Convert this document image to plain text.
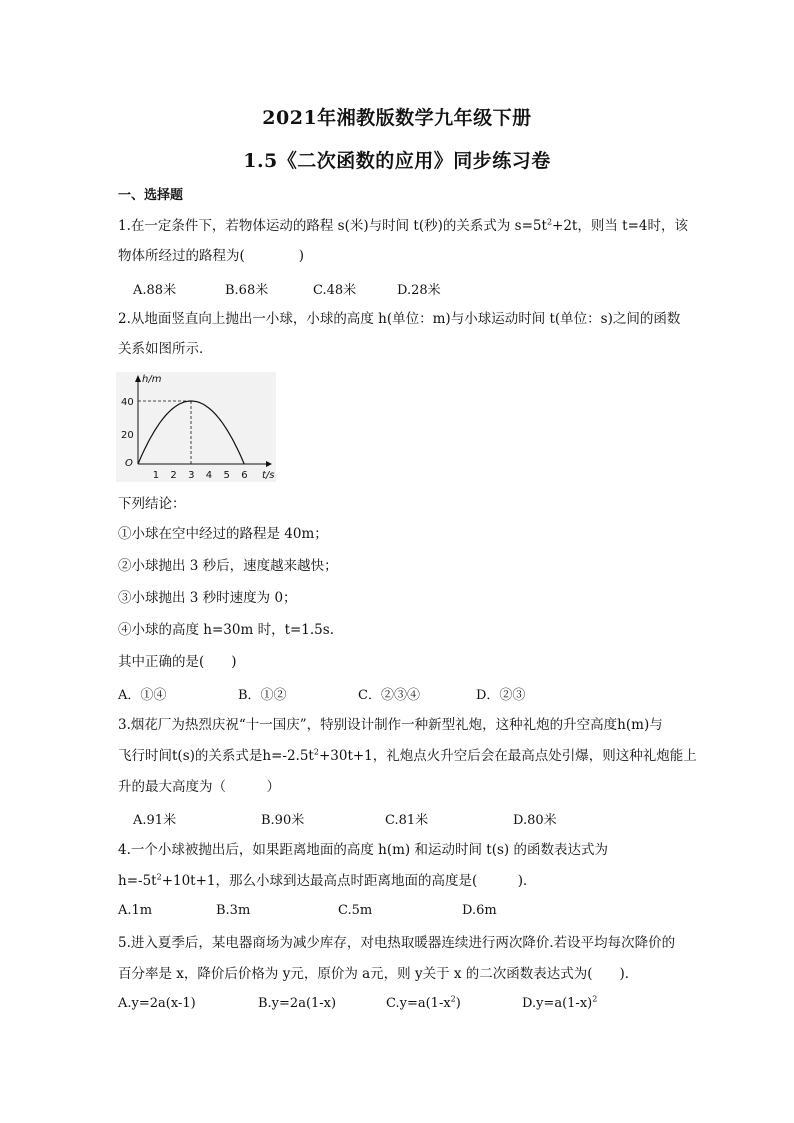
2021年湘教版数学九年级下册
1.5《二次函数的应用》同步练习卷
一、选择题
1.在一定条件下，若物体运动的路程 s(米)与时间 t(秒)的关系式为 $s=5t^2+2t$，则当 t=4时，该
物体所经过的路程为(　　　　)
A.88米	B.68米	C.48米	D.28米
2.从地面竖直向上抛出一小球，小球的高度 h(单位：m)与小球运动时间 t(单位：s)之间的函数
关系如图所示．
h/m
t/s
O
20
40
1 2 3 4 5 6
下列结论：
①小球在空中经过的路程是 40m；
②小球抛出 3 秒后，速度越来越快；
③小球抛出 3 秒时速度为 0；
④小球的高度 h=30m 时，t=1.5s.
其中正确的是(　　)
A．①④	B．①②	C．②③④	D．②③
3.烟花厂为热烈庆祝“十一国庆”，特别设计制作一种新型礼炮，这种礼炮的升空高度h(m)与
飞行时间t(s)的关系式是$h=-2.5t^2+30t+1$，礼炮点火升空后会在最高点处引爆，则这种礼炮能上
升的最大高度为（　　　）
A.91米	B.90米	C.81米	D.80米
4.一个小球被抛出后，如果距离地面的高度 h(m) 和运动时间 t(s) 的函数表达式为
$h=-5t^2+10t+1$，那么小球到达最高点时距离地面的高度是(　　　)．
A.1m	B.3m	C.5m	D.6m
5.进入夏季后，某电器商场为减少库存，对电热取暖器连续进行两次降价.若设平均每次降价的
百分率是 x，降价后价格为 y元，原价为 a元，则 y关于 x 的二次函数表达式为(　　)．
A.y=2a(x-1)	B.y=2a(1-x)	$C.y=a(1-x^2)$	$D.y=a(1-x)^2$
